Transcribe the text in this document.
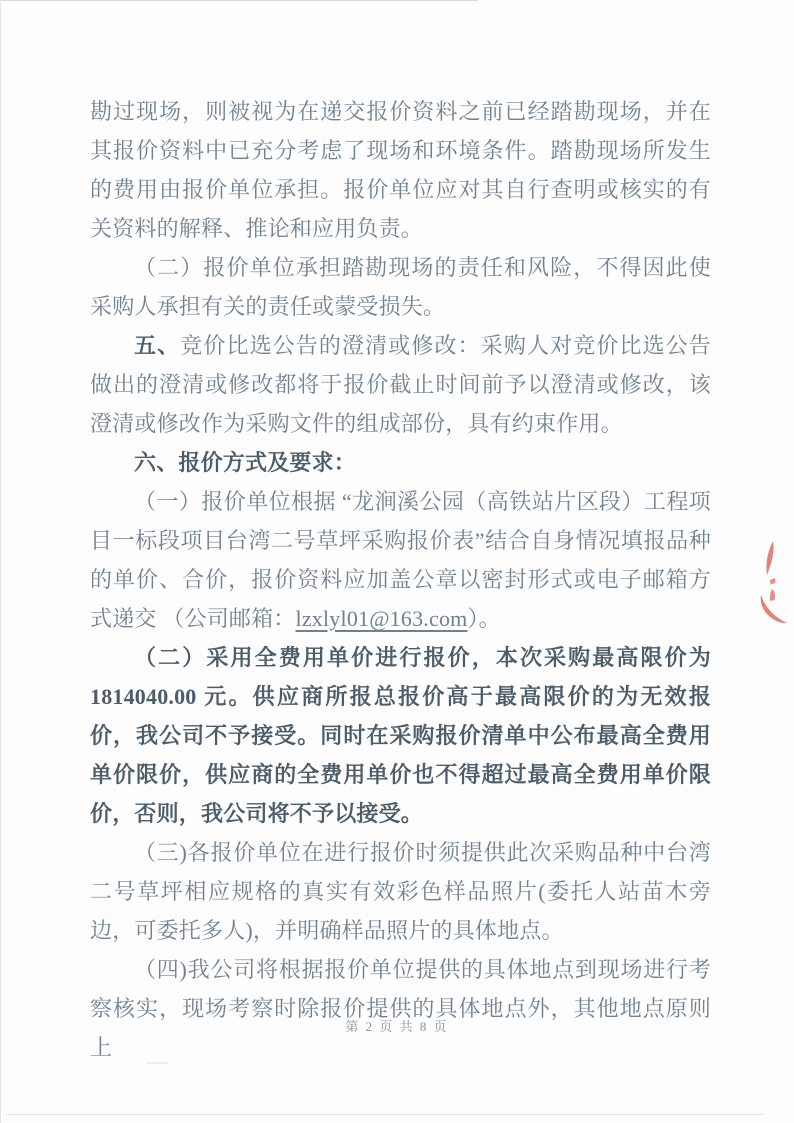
勘过现场，则被视为在递交报价资料之前已经踏勘现场，并在其报价资料中已充分考虑了现场和环境条件。踏勘现场所发生的费用由报价单位承担。报价单位应对其自行查明或核实的有关资料的解释、推论和应用负责。

（二）报价单位承担踏勘现场的责任和风险，不得因此使采购人承担有关的责任或蒙受损失。

五、竞价比选公告的澄清或修改：采购人对竞价比选公告做出的澄清或修改都将于报价截止时间前予以澄清或修改，该澄清或修改作为采购文件的组成部份，具有约束作用。

六、报价方式及要求：

（一）报价单位根据 “龙涧溪公园（高铁站片区段）工程项目一标段项目台湾二号草坪采购报价表”结合自身情况填报品种的单价、合价，报价资料应加盖公章以密封形式或电子邮箱方式递交 （公司邮箱：lzxlyl01@163.com）。

（二）采用全费用单价进行报价，本次采购最高限价为1814040.00 元。供应商所报总报价高于最高限价的为无效报价，我公司不予接受。同时在采购报价清单中公布最高全费用单价限价，供应商的全费用单价也不得超过最高全费用单价限价，否则，我公司将不予以接受。

（三)各报价单位在进行报价时须提供此次采购品种中台湾二号草坪相应规格的真实有效彩色样品照片(委托人站苗木旁边，可委托多人)，并明确样品照片的具体地点。

（四)我公司将根据报价单位提供的具体地点到现场进行考察核实，现场考察时除报价提供的具体地点外，其他地点原则上

第 2 页 共 8 页
